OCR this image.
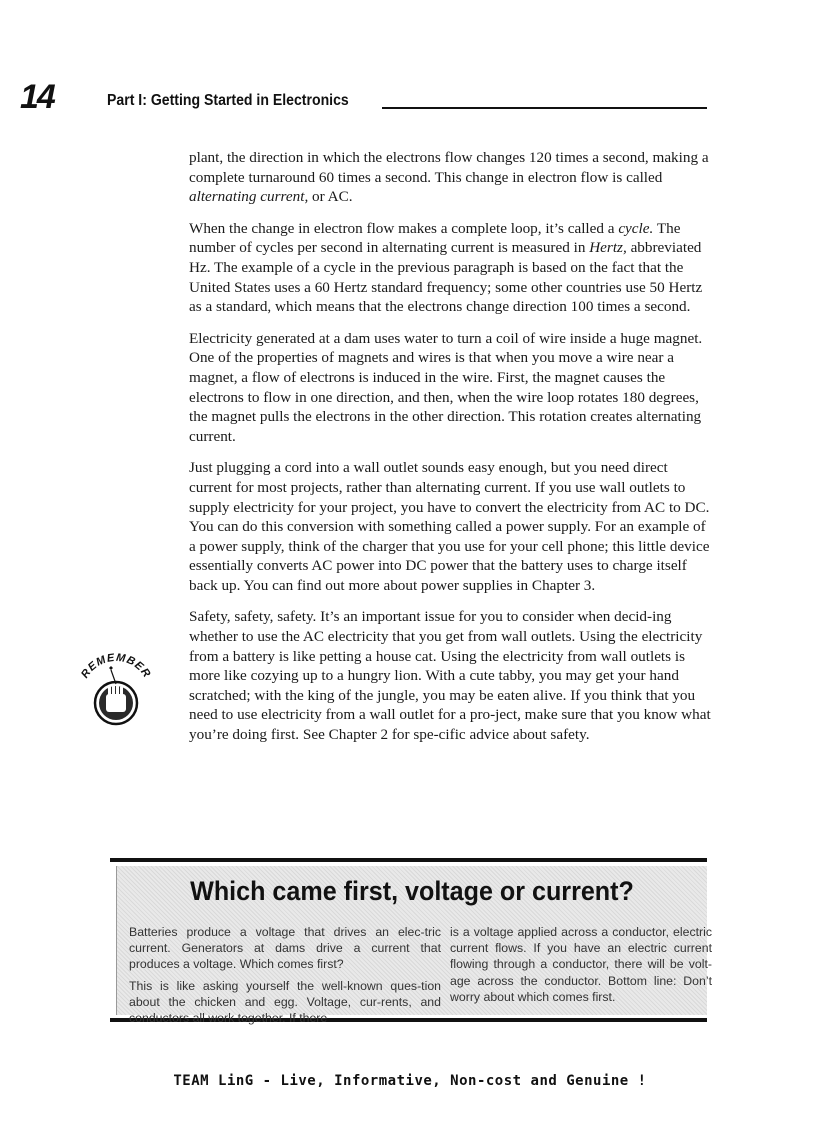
14	Part I: Getting Started in Electronics

plant, the direction in which the electrons flow changes 120 times a second, making a complete turnaround 60 times a second. This change in electron flow is called alternating current, or AC.

When the change in electron flow makes a complete loop, it’s called a cycle. The number of cycles per second in alternating current is measured in Hertz, abbreviated Hz. The example of a cycle in the previous paragraph is based on the fact that the United States uses a 60 Hertz standard frequency; some other countries use 50 Hertz as a standard, which means that the electrons change direction 100 times a second.

Electricity generated at a dam uses water to turn a coil of wire inside a huge magnet. One of the properties of magnets and wires is that when you move a wire near a magnet, a flow of electrons is induced in the wire. First, the magnet causes the electrons to flow in one direction, and then, when the wire loop rotates 180 degrees, the magnet pulls the electrons in the other direction. This rotation creates alternating current.

Just plugging a cord into a wall outlet sounds easy enough, but you need direct current for most projects, rather than alternating current. If you use wall outlets to supply electricity for your project, you have to convert the electricity from AC to DC. You can do this conversion with something called a power supply. For an example of a power supply, think of the charger that you use for your cell phone; this little device essentially converts AC power into DC power that the battery uses to charge itself back up. You can find out more about power supplies in Chapter 3.

Safety, safety, safety. It’s an important issue for you to consider when decid-ing whether to use the AC electricity that you get from wall outlets. Using the electricity from a battery is like petting a house cat. Using the electricity from wall outlets is more like cozying up to a hungry lion. With a cute tabby, you may get your hand scratched; with the king of the jungle, you may be eaten alive. If you think that you need to use electricity from a wall outlet for a pro-ject, make sure that you know what you’re doing first. See Chapter 2 for spe-cific advice about safety.

REMEMBER
Which came first, voltage or current?

Batteries produce a voltage that drives an elec-tric current. Generators at dams drive a current that produces a voltage. Which comes first?

This is like asking yourself the well-known ques-tion about the chicken and egg. Voltage, cur-rents, and conductors all work together. If there

is a voltage applied across a conductor, electric current flows. If you have an electric current flowing through a conductor, there will be volt-age across the conductor. Bottom line: Don’t worry about which comes first.

TEAM LinG - Live, Informative, Non-cost and Genuine !
